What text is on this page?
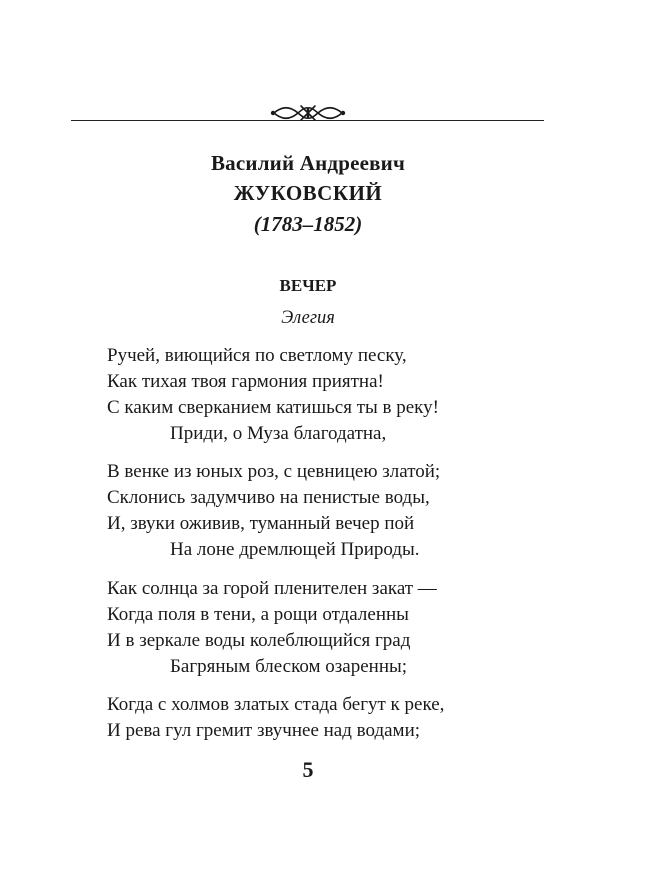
Василий Андреевич
ЖУКОВСКИЙ
(1783–1852)
ВЕЧЕР
Элегия
Ручей, виющийся по светлому песку,
Как тихая твоя гармония приятна!
С каким сверканием катишься ты в реку!
Приди, о Муза благодатна,
В венке из юных роз, с цевницею златой;
Склонись задумчиво на пенистые воды,
И, звуки оживив, туманный вечер пой
На лоне дремлющей Природы.
Как солнца за горой пленителен закат —
Когда поля в тени, а рощи отдаленны
И в зеркале воды колеблющийся град
Багряным блеском озаренны;
Когда с холмов златых стада бегут к реке,
И рева гул гремит звучнее над водами;
5
